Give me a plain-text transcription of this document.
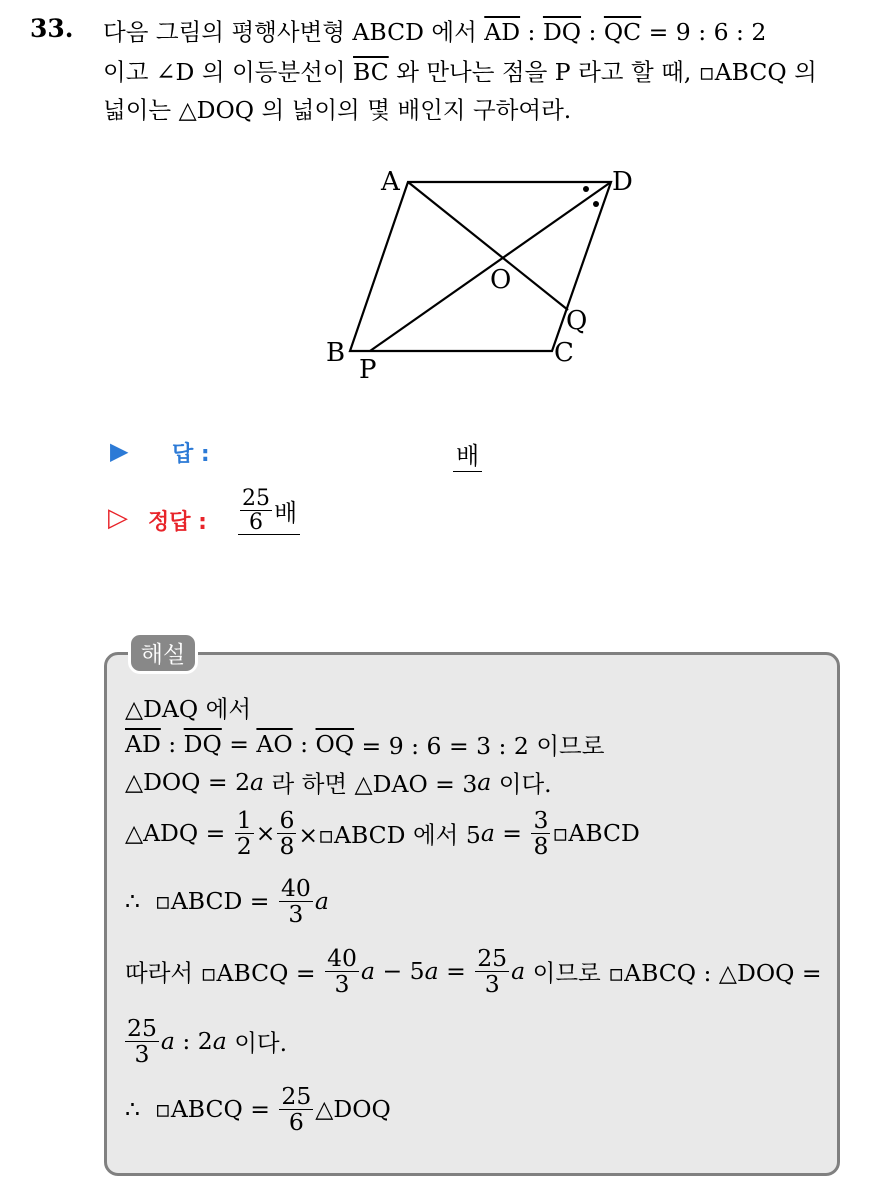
33. 다음 그림의 평행사변형 ABCD 에서 $\overline{AD}$ : $\overline{DQ}$ : $\overline{QC} = 9$ : 6 : 2
이고 ∠D 의 이등분선이 $\overline{BC}$ 와 만나는 점을 P 라고 할 때, ▫ABCQ 의
넓이는 △DOQ 의 넓이의 몇 배인지 구하여라.
A	D
O
Q
B
P
C
▶ 답 :	배
▷ 정답 : $\frac{25}{6}$ 배
해설
△DAQ 에서
$\overline{AD}$ : $\overline{DQ} = \overline{AO}$ : $\overline{OQ} = 9$ : 6 = 3 : 2 이므로
△DOQ = 2 a 라 하면 △DAO = 3 a 이다.
△ADQ = $\frac{1}{2} \times \frac{6}{8}$ ×▫ABCD 에서 5 $a = \frac{3}{8}$ ▫ABCD
∴  ▫ABCD = $\frac{40}{3}$ a
따라서 ▫ABCQ = $\frac{40}{3}$ a − 5 $a = \frac{25}{3}$ a 이므로 ▫ABCQ : △DOQ =
$\frac{25}{3}$ a : 2 a 이다.
∴  ▫ABCQ = $\frac{25}{6}$ △DOQ
